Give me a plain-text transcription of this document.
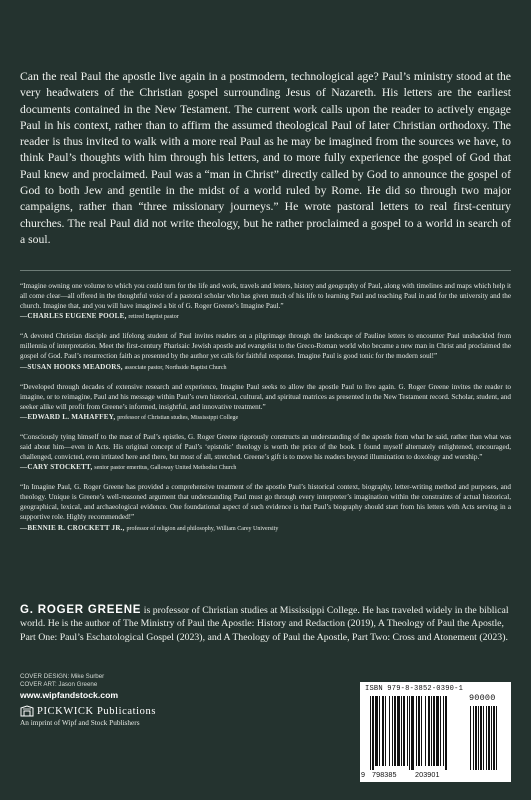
Can the real Paul the apostle live again in a postmodern, technological age? Paul’s ministry stood at the very headwaters of the Christian gospel surrounding Jesus of Nazareth. His letters are the earliest documents contained in the New Testament. The current work calls upon the reader to actively engage Paul in his context, rather than to affirm the assumed theological Paul of later Christian orthodoxy. The reader is thus invited to walk with a more real Paul as he may be imagined from the sources we have, to think Paul’s thoughts with him through his letters, and to more fully experience the gospel of God that Paul knew and proclaimed. Paul was a “man in Christ” directly called by God to announce the gospel of God to both Jew and gentile in the midst of a world ruled by Rome. He did so through two major campaigns, rather than “three missionary journeys.” He wrote pastoral letters to real first-century churches. The real Paul did not write theology, but he rather proclaimed a gospel to a world in search of a soul.

“Imagine owning one volume to which you could turn for the life and work, travels and letters, history and geography of Paul, along with timelines and maps which help it all come clear—all offered in the thoughtful voice of a pastoral scholar who has given much of his life to learning Paul and teaching Paul in and for the university and the church. Imagine that, and you will have imagined a bit of G. Roger Greene’s Imagine Paul.”
—CHARLES EUGENE POOLE, retired Baptist pastor
“A devoted Christian disciple and lifelong student of Paul invites readers on a pilgrimage through the landscape of Pauline letters to encounter Paul unshackled from millennia of interpretation. Meet the first-century Pharisaic Jewish apostle and evangelist to the Greco-Roman world who became a new man in Christ and proclaimed the gospel of God. Paul’s resurrection faith as presented by the author yet calls for faithful response. Imagine Paul is good tonic for the modern soul!”
—SUSAN HOOKS MEADORS, associate pastor, Northside Baptist Church
“Developed through decades of extensive research and experience, Imagine Paul seeks to allow the apostle Paul to live again. G. Roger Greene invites the reader to imagine, or to reimagine, Paul and his message within Paul’s own historical, cultural, and spiritual matrices as presented in the New Testament record. Scholar, student, and seeker alike will profit from Greene’s informed, insightful, and innovative treatment.”
—EDWARD L. MAHAFFEY, professor of Christian studies, Mississippi College
“Consciously tying himself to the mast of Paul’s epistles, G. Roger Greene rigorously constructs an understanding of the apostle from what he said, rather than what was said about him—even in Acts. His original concept of Paul’s ‘epistolic’ theology is worth the price of the book. I found myself alternately enlightened, encouraged, challenged, convicted, even irritated here and there, but most of all, stretched. Greene’s gift is to move his readers beyond illumination to doxology and worship.”
—CARY STOCKETT, senior pastor emeritus, Galloway United Methodist Church
“In Imagine Paul, G. Roger Greene has provided a comprehensive treatment of the apostle Paul’s historical context, biography, letter-writing method and purposes, and theology. Unique is Greene’s well-reasoned argument that understanding Paul must go through every interpreter’s imagination within the constraints of actual historical, geographical, lexical, and archaeological evidence. One foundational aspect of such evidence is that Paul’s biography should start from his letters with Acts serving in a supportive role. Highly recommended!”
—BENNIE R. CROCKETT JR., professor of religion and philosophy, William Carey University
G. ROGER GREENE is professor of Christian studies at Mississippi College. He has traveled widely in the biblical world. He is the author of The Ministry of Paul the Apostle: History and Redaction (2019), A Theology of Paul the Apostle, Part One: Paul’s Eschatological Gospel (2023), and A Theology of Paul the Apostle, Part Two: Cross and Atonement (2023).
COVER DESIGN: Mike Surber
COVER ART: Jason Greene
www.wipfandstock.com
PICKWICK Publications
An imprint of Wipf and Stock Publishers
ISBN 979-8-3852-0390-1
90000
9 798385	203901
